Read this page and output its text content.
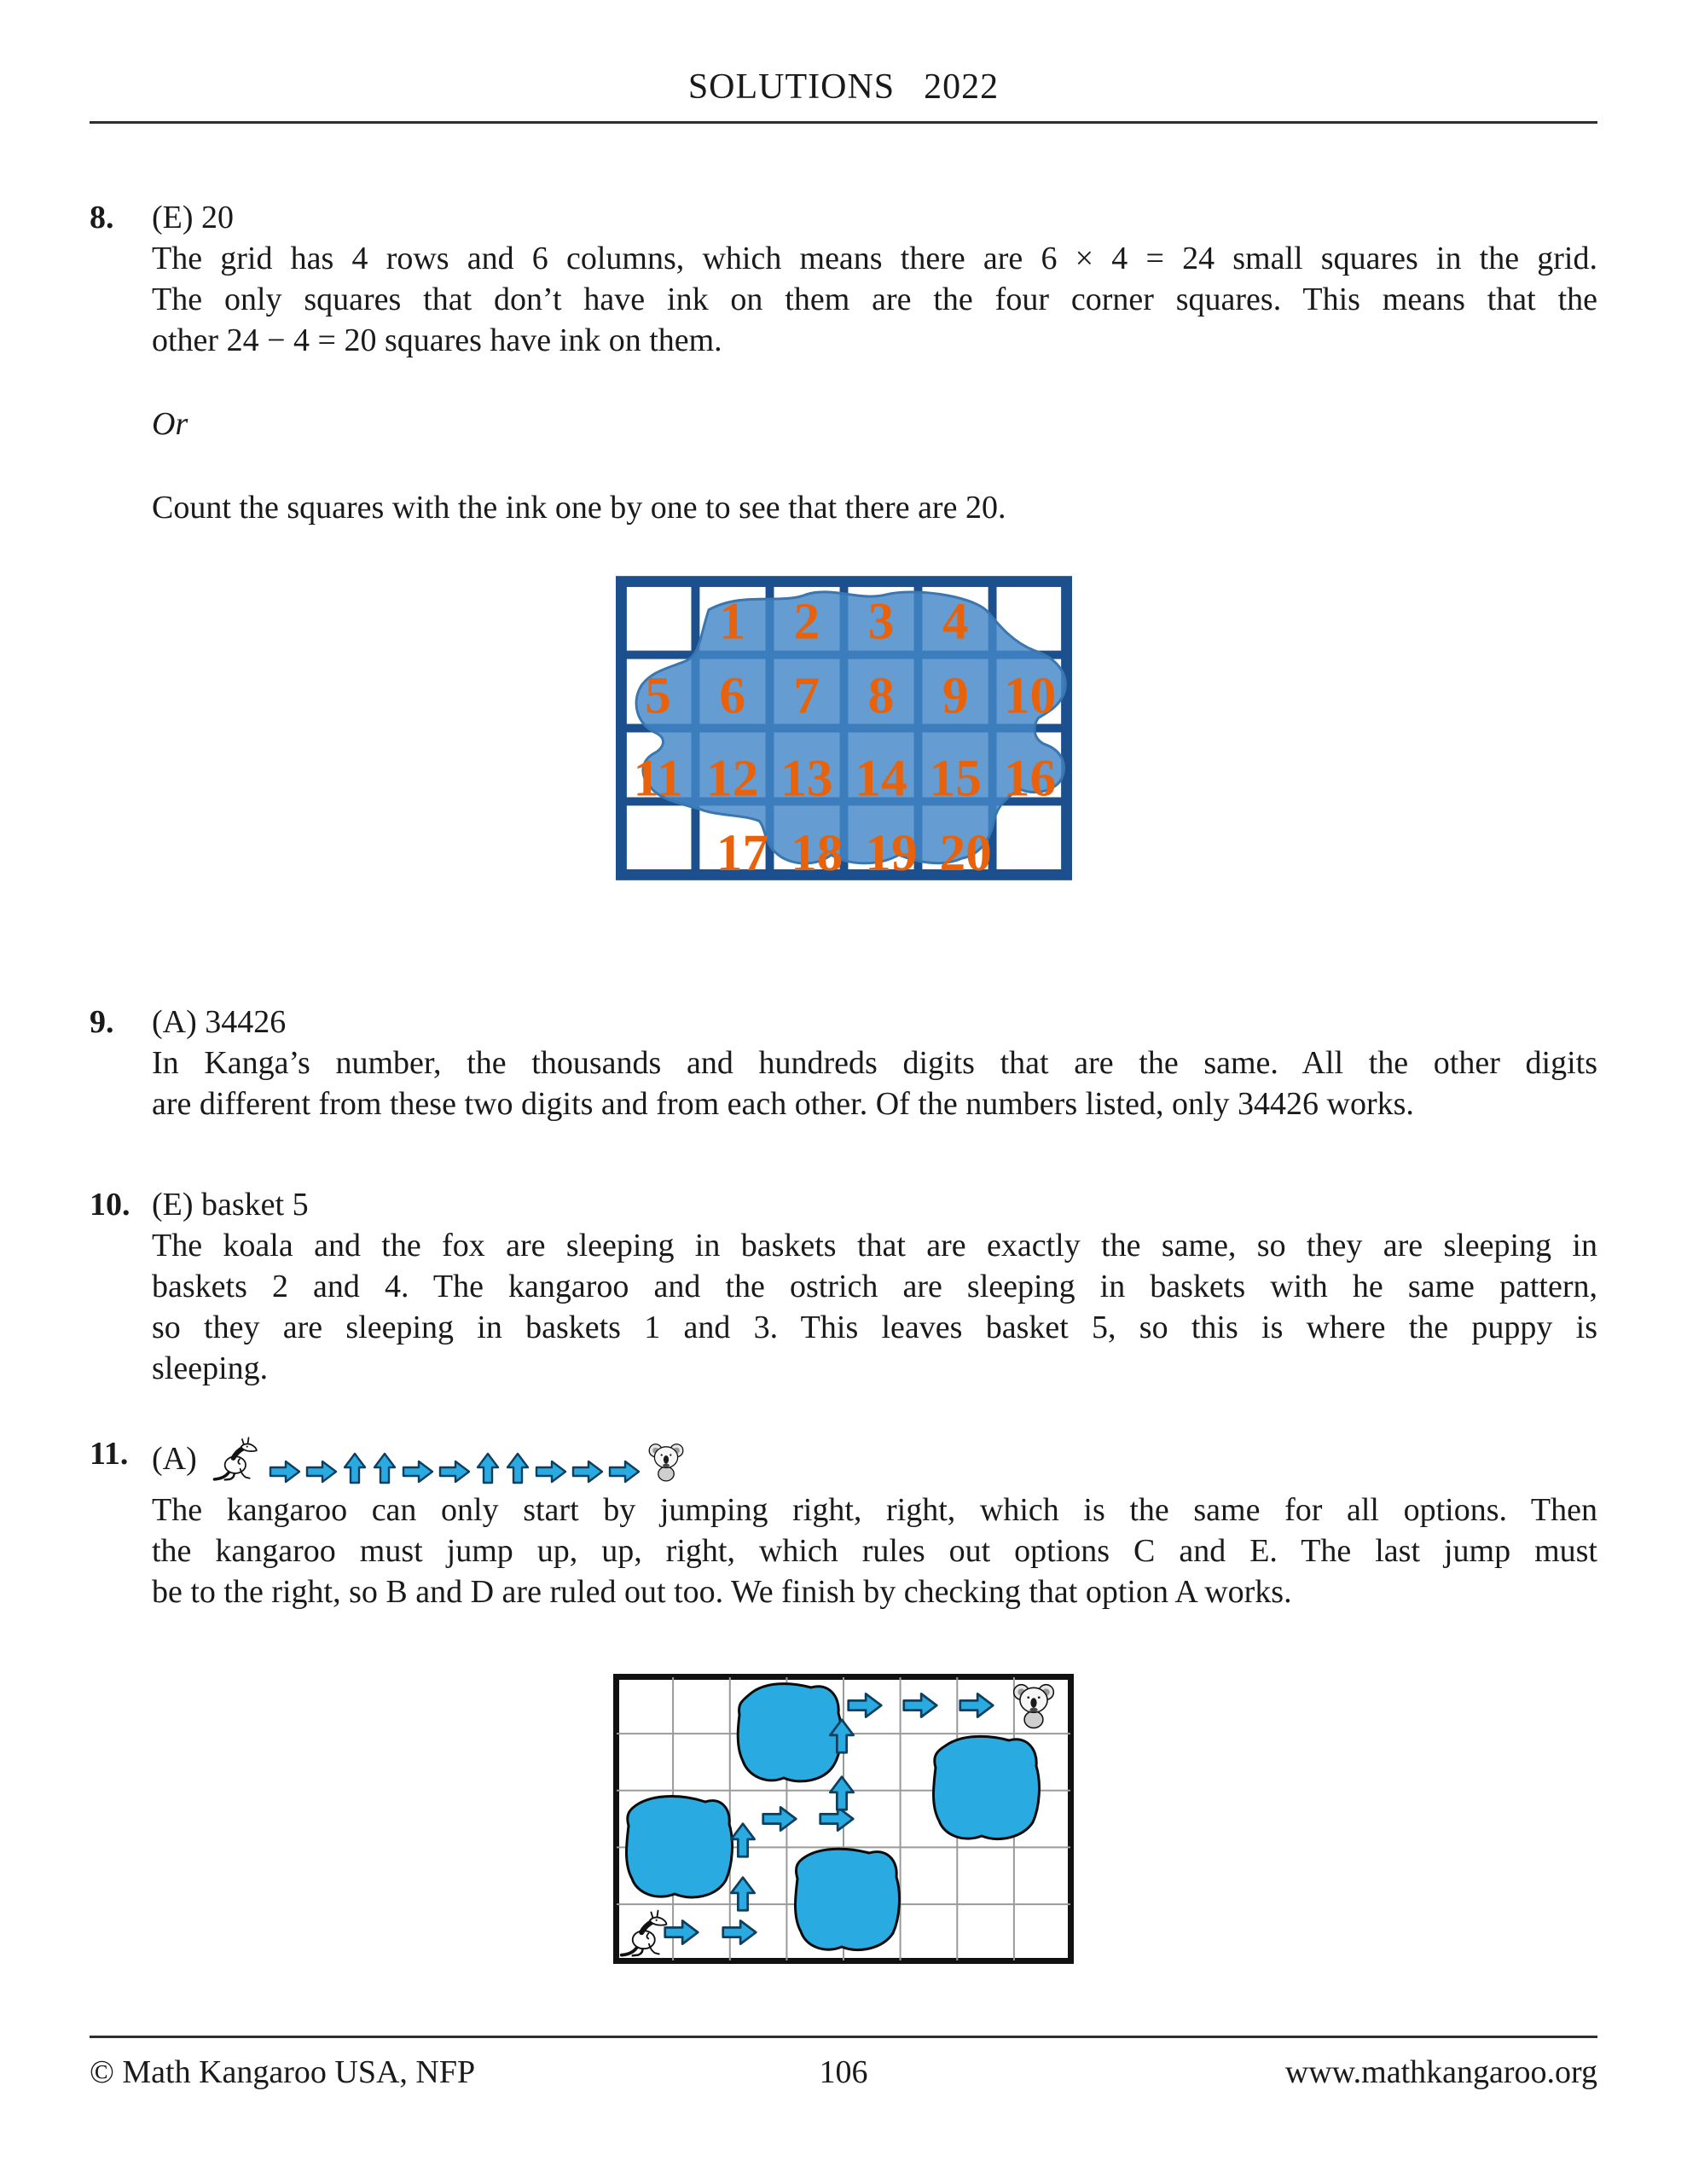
SOLUTIONS 2022
8.	(E) 20
The grid has 4 rows and 6 columns, which means there are 6 × 4 = 24 small squares in the grid.
The only squares that don’t have ink on them are the four corner squares. This means that the
other 24 − 4 = 20 squares have ink on them.
Or
Count the squares with the ink one by one to see that there are 20.
1 2 3 4
5 6 7 8 9 10
11 12 13 14 15 16
17 18 19 20
9.	(A) 34426
In Kanga’s number, the thousands and hundreds digits that are the same. All the other digits
are different from these two digits and from each other. Of the numbers listed, only 34426 works.
10. (E) basket 5
The koala and the fox are sleeping in baskets that are exactly the same, so they are sleeping in
baskets 2 and 4. The kangaroo and the ostrich are sleeping in baskets with he same pattern,
so they are sleeping in baskets 1 and 3. This leaves basket 5, so this is where the puppy is
sleeping.
11. (A)
The kangaroo can only start by jumping right, right, which is the same for all options. Then
the kangaroo must jump up, up, right, which rules out options C and E. The last jump must
be to the right, so B and D are ruled out too. We finish by checking that option A works.
© Math Kangaroo USA, NFP	106	www.mathkangaroo.org
